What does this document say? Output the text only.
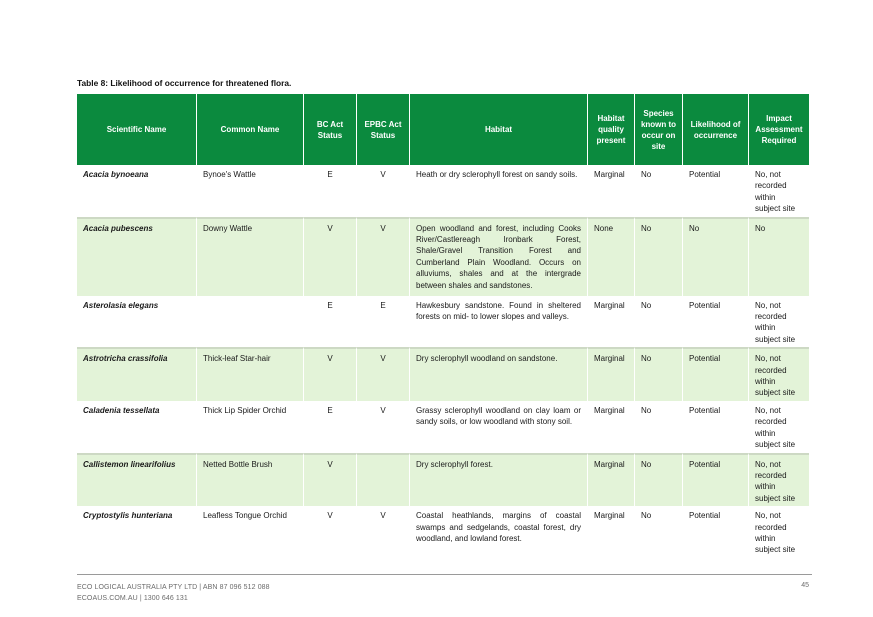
Table 8: Likelihood of occurrence for threatened flora.
Scientific Name	Common Name	BC Act Status	EPBC Act Status	Habitat	Habitat quality present	Species known to occur on site	Likelihood of occurrence	Impact Assessment Required
Acacia bynoeana	Bynoe's Wattle	E	V	Heath or dry sclerophyll forest on sandy soils.	Marginal	No	Potential	No, not recorded within subject site
Acacia pubescens	Downy Wattle	V	V	Open woodland and forest, including Cooks River/Castlereagh Ironbark Forest, Shale/Gravel Transition Forest and Cumberland Plain Woodland. Occurs on alluviums, shales and at the intergrade between shales and sandstones.	None	No	No	No
Asterolasia elegans		E	E	Hawkesbury sandstone. Found in sheltered forests on mid- to lower slopes and valleys.	Marginal	No	Potential	No, not recorded within subject site
Astrotricha crassifolia	Thick-leaf Star-hair	V	V	Dry sclerophyll woodland on sandstone.	Marginal	No	Potential	No, not recorded within subject site
Caladenia tessellata	Thick Lip Spider Orchid	E	V	Grassy sclerophyll woodland on clay loam or sandy soils, or low woodland with stony soil.	Marginal	No	Potential	No, not recorded within subject site
Callistemon linearifolius	Netted Bottle Brush	V		Dry sclerophyll forest.	Marginal	No	Potential	No, not recorded within subject site
Cryptostylis hunteriana	Leafless Tongue Orchid	V	V	Coastal heathlands, margins of coastal swamps and sedgelands, coastal forest, dry woodland, and lowland forest.	Marginal	No	Potential	No, not recorded within subject site
ECO LOGICAL AUSTRALIA PTY LTD | ABN 87 096 512 088
ECOAUS.COM.AU | 1300 646 131
45
